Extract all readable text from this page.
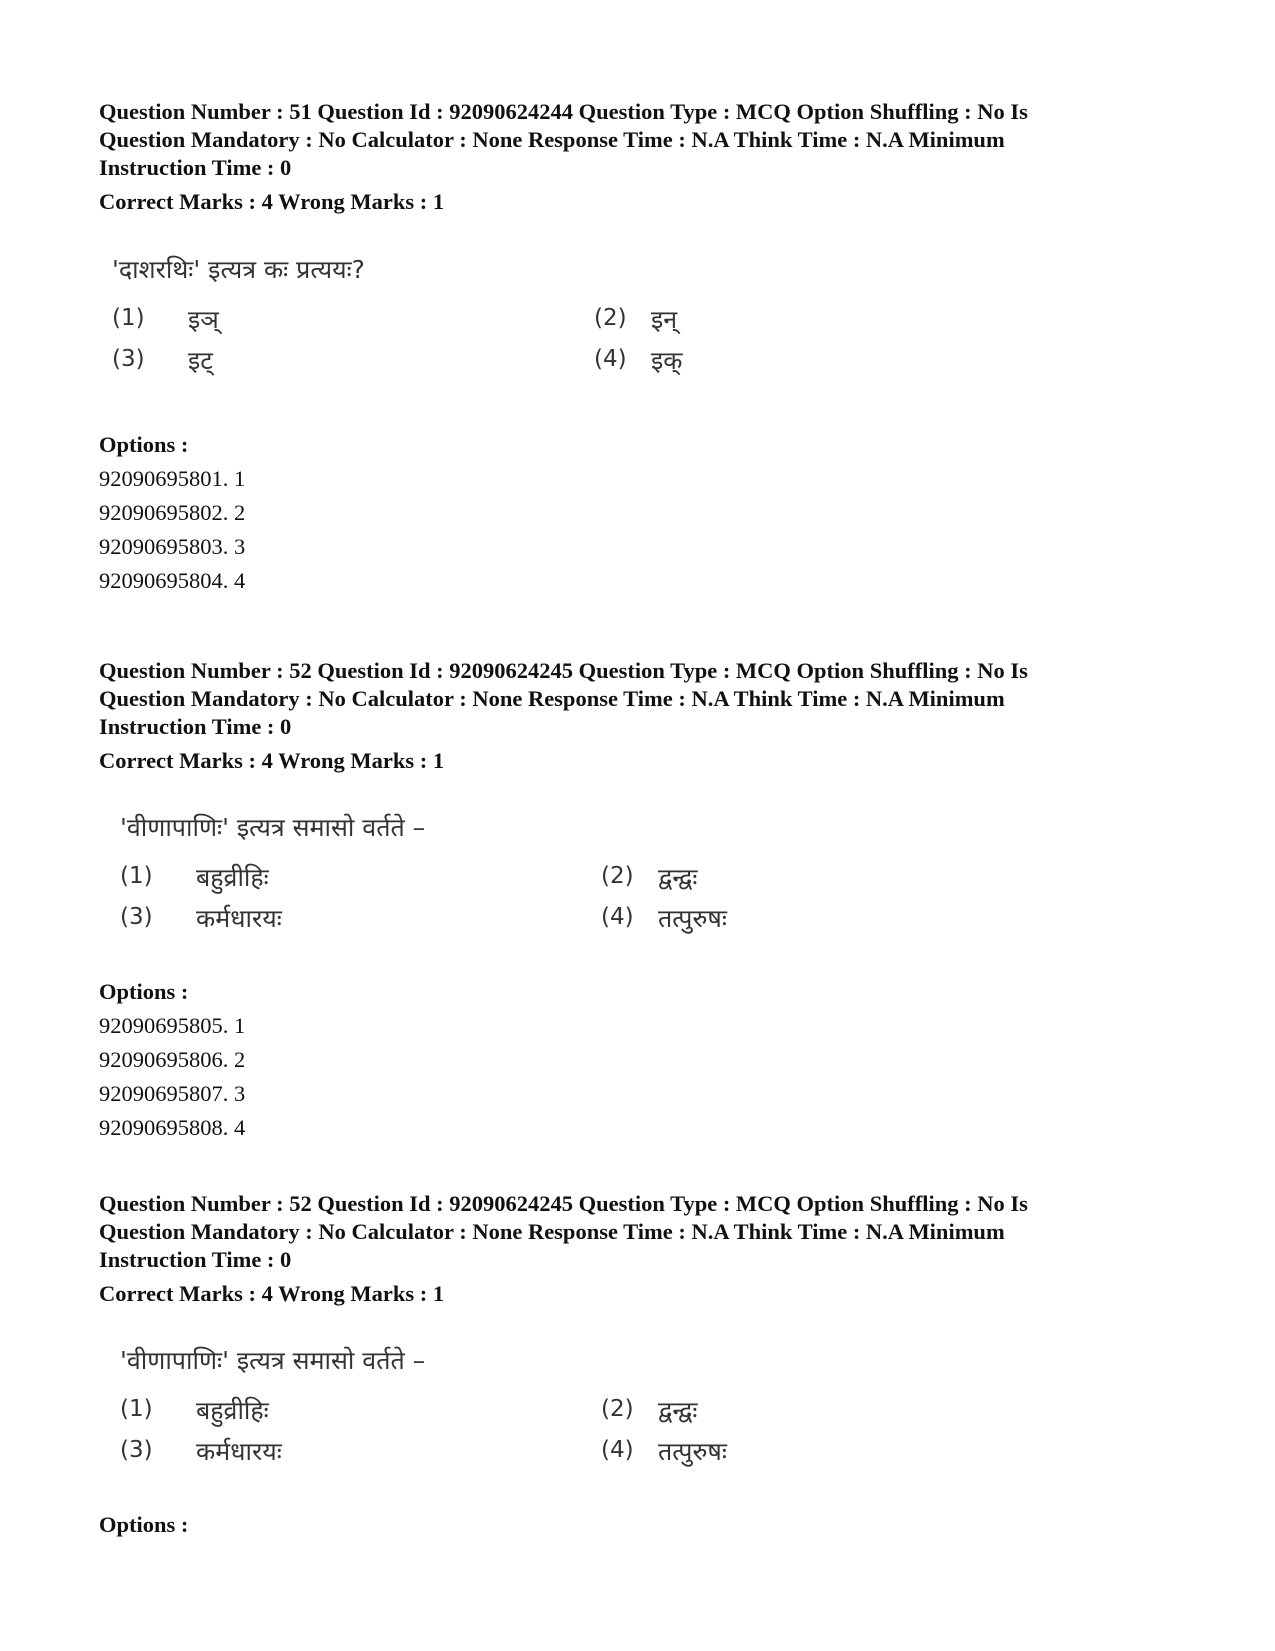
Question Number : 51 Question Id : 92090624244 Question Type : MCQ Option Shuffling : No Is
Question Mandatory : No Calculator : None Response Time : N.A Think Time : N.A Minimum
Instruction Time : 0
Correct Marks : 4 Wrong Marks : 1
'दाशरथिः' इत्यत्र कः प्रत्ययः?
(1) इञ्	(2) इन्
(3) इट्	(4) इक्
Options :
92090695801. 1
92090695802. 2
92090695803. 3
92090695804. 4
Question Number : 52 Question Id : 92090624245 Question Type : MCQ Option Shuffling : No Is
Question Mandatory : No Calculator : None Response Time : N.A Think Time : N.A Minimum
Instruction Time : 0
Correct Marks : 4 Wrong Marks : 1
'वीणापाणिः' इत्यत्र समासो वर्तते –
(1) बहुव्रीहिः	(2) द्वन्द्वः
(3) कर्मधारयः	(4) तत्पुरुषः
Options :
92090695805. 1
92090695806. 2
92090695807. 3
92090695808. 4
Question Number : 52 Question Id : 92090624245 Question Type : MCQ Option Shuffling : No Is
Question Mandatory : No Calculator : None Response Time : N.A Think Time : N.A Minimum
Instruction Time : 0
Correct Marks : 4 Wrong Marks : 1
'वीणापाणिः' इत्यत्र समासो वर्तते –
(1) बहुव्रीहिः	(2) द्वन्द्वः
(3) कर्मधारयः	(4) तत्पुरुषः
Options :
